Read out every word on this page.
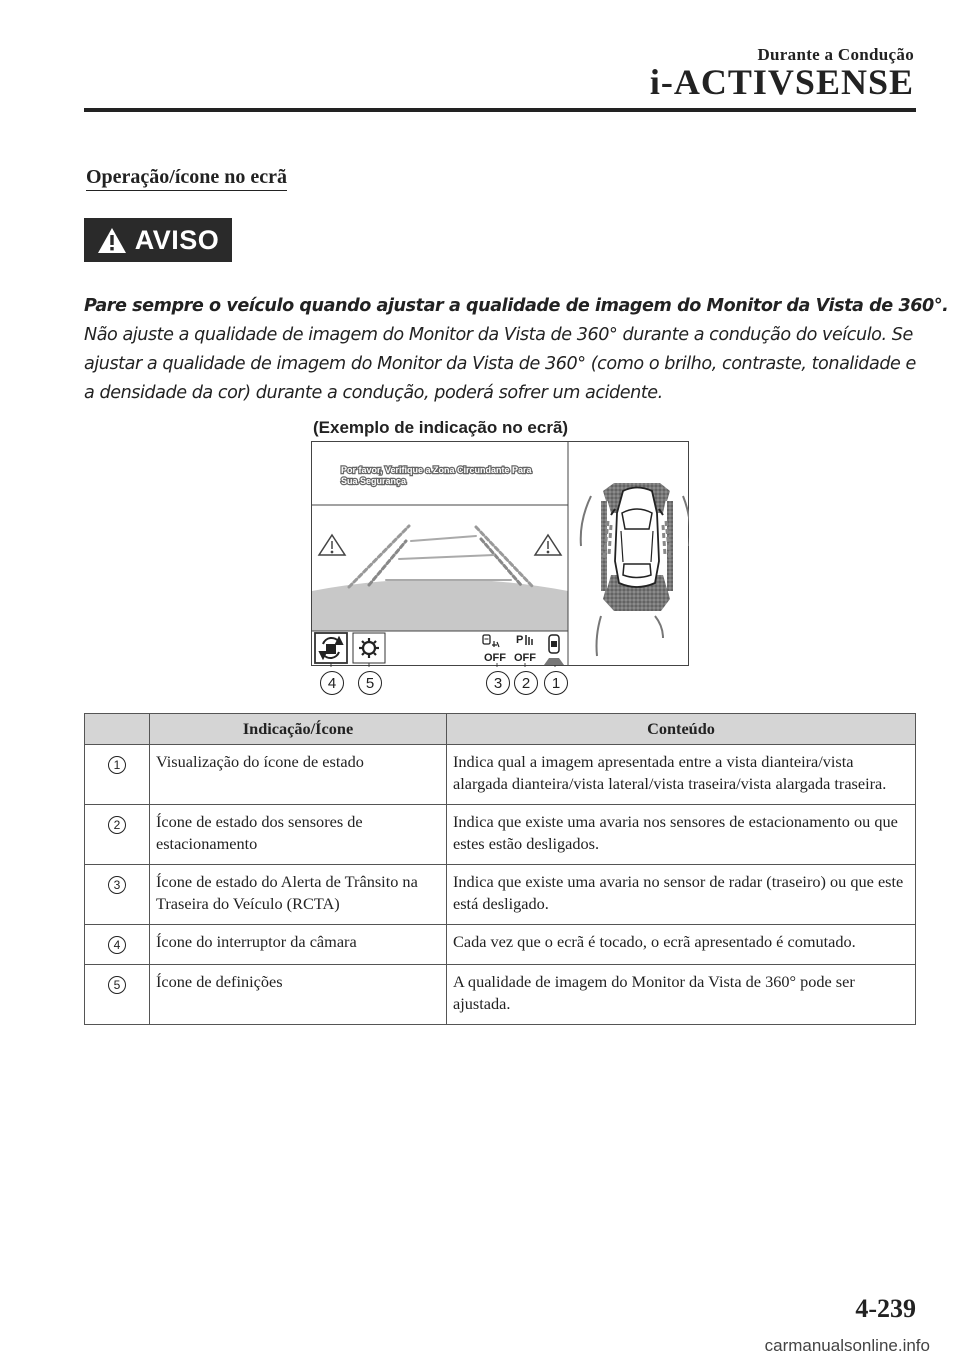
Durante a Condução
i-ACTIVSENSE
Operação/ícone no ecrã
AVISO
Pare sempre o veículo quando ajustar a qualidade de imagem do Monitor da Vista de 360°.
Não ajuste a qualidade de imagem do Monitor da Vista de 360° durante a condução do veículo. Se ajustar a qualidade de imagem do Monitor da Vista de 360° (como o brilho, contraste, tonalidade e a densidade da cor) durante a condução, poderá sofrer um acidente.
(Exemplo de indicação no ecrã)
Por favor, Verifique a Zona Circundante Para
Sua Segurança
OFF
P
OFF
4	5	3	2	1
	Indicação/Ícone	Conteúdo
1	Visualização do ícone de estado	Indica qual a imagem apresentada entre a vista dianteira/vista alargada dianteira/vista lateral/vista traseira/vista alargada traseira.
2	Ícone de estado dos sensores de estacionamento	Indica que existe uma avaria nos sensores de estacionamento ou que estes estão desligados.
3	Ícone de estado do Alerta de Trânsito na Traseira do Veículo (RCTA)	Indica que existe uma avaria no sensor de radar (traseiro) ou que este está desligado.
4	Ícone do interruptor da câmara	Cada vez que o ecrã é tocado, o ecrã apresentado é comutado.
5	Ícone de definições	A qualidade de imagem do Monitor da Vista de 360° pode ser ajustada.
4-239
carmanualsonline.info
